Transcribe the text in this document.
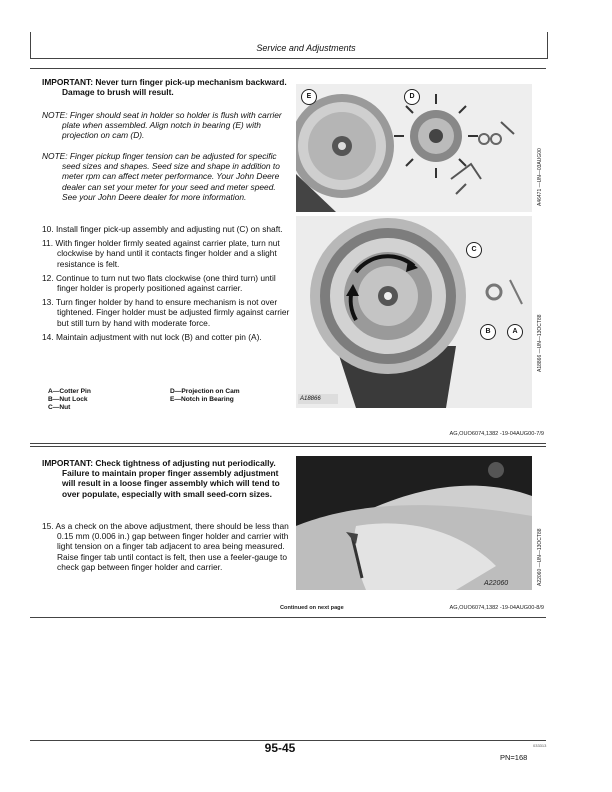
Service and Adjustments
IMPORTANT: Never turn finger pick-up mechanism backward. Damage to brush will result.
NOTE: Finger should seat in holder so holder is flush with carrier plate when assembled. Align notch in bearing (E) with projection on cam (D).
NOTE: Finger pickup finger tension can be adjusted for specific seed sizes and shapes. Seed size and shape in addition to meter rpm can affect meter performance. Your John Deere dealer can set your meter for your seed and meter speed. See your John Deere dealer for more information.
10. Install finger pick-up assembly and adjusting nut (C) on shaft.
11. With finger holder firmly seated against carrier plate, turn nut clockwise by hand until it contacts finger holder and a slight resistance is felt.
12. Continue to turn nut two flats clockwise (one third turn) until finger holder is properly positioned against carrier.
13. Turn finger holder by hand to ensure mechanism is not over tightened. Finger holder must be adjusted firmly against carrier but still turn by hand with moderate force.
14. Maintain adjustment with nut lock (B) and cotter pin (A).
A—Cotter Pin
B—Nut Lock
C—Nut
D—Projection on Cam
E—Notch in Bearing
E	D
A46471 —UN—03AUG00
C
B	A
A18866
A18866 —UN—13OCT88
AG,OUO6074,1382 -19-04AUG00-7/9
IMPORTANT: Check tightness of adjusting nut periodically. Failure to maintain proper finger assembly adjustment will result in a loose finger assembly which will tend to over populate, especially with small seed-corn sizes.
15. As a check on the above adjustment, there should be less than 0.15 mm (0.006 in.) gap between finger holder and carrier with light tension on a finger tab adjacent to area being measured. Raise finger tab until contact is felt, then use a feeler-gauge to check gap between finger holder and carrier.
A22060	A22060 —UN—13OCT88
Continued on next page	AG,OUO6074,1382 -19-04AUG00-8/9
95-45	033313
PN=168
